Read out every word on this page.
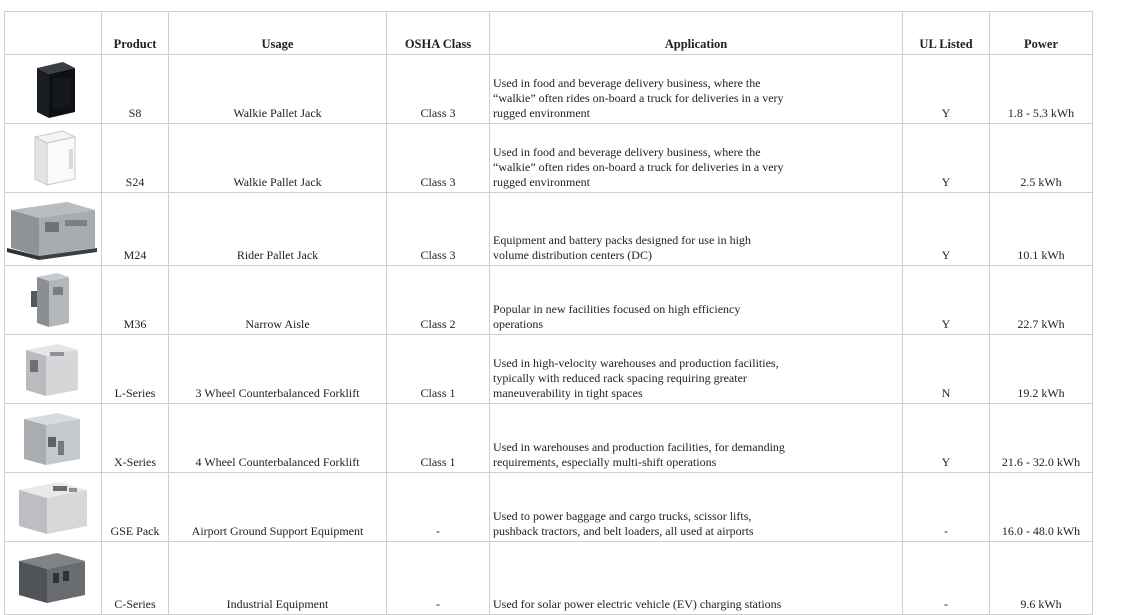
	Product	Usage	OSHA Class	Application	UL Listed	Power

	S8	Walkie Pallet Jack	Class 3	Used in food and beverage delivery business, where the
“walkie” often rides on-board a truck for deliveries in a very
rugged environment	Y	1.8 - 5.3 kWh

	S24	Walkie Pallet Jack	Class 3	Used in food and beverage delivery business, where the
“walkie” often rides on-board a truck for deliveries in a very
rugged environment	Y	2.5 kWh

	M24	Rider Pallet Jack	Class 3	Equipment and battery packs designed for use in high
volume distribution centers (DC)	Y	10.1 kWh

	M36	Narrow Aisle	Class 2	Popular in new facilities focused on high efficiency
operations	Y	22.7 kWh

	L-Series	3 Wheel Counterbalanced Forklift	Class 1	Used in high-velocity warehouses and production facilities,
typically with reduced rack spacing requiring greater
maneuverability in tight spaces	N	19.2 kWh

	X-Series	4 Wheel Counterbalanced Forklift	Class 1	Used in warehouses and production facilities, for demanding
requirements, especially multi-shift operations	Y	21.6 - 32.0 kWh

	GSE Pack	Airport Ground Support Equipment	-	Used to power baggage and cargo trucks, scissor lifts,
pushback tractors, and belt loaders, all used at airports	-	16.0 - 48.0 kWh

	C-Series	Industrial Equipment	-	Used for solar power electric vehicle (EV) charging stations	-	9.6 kWh
